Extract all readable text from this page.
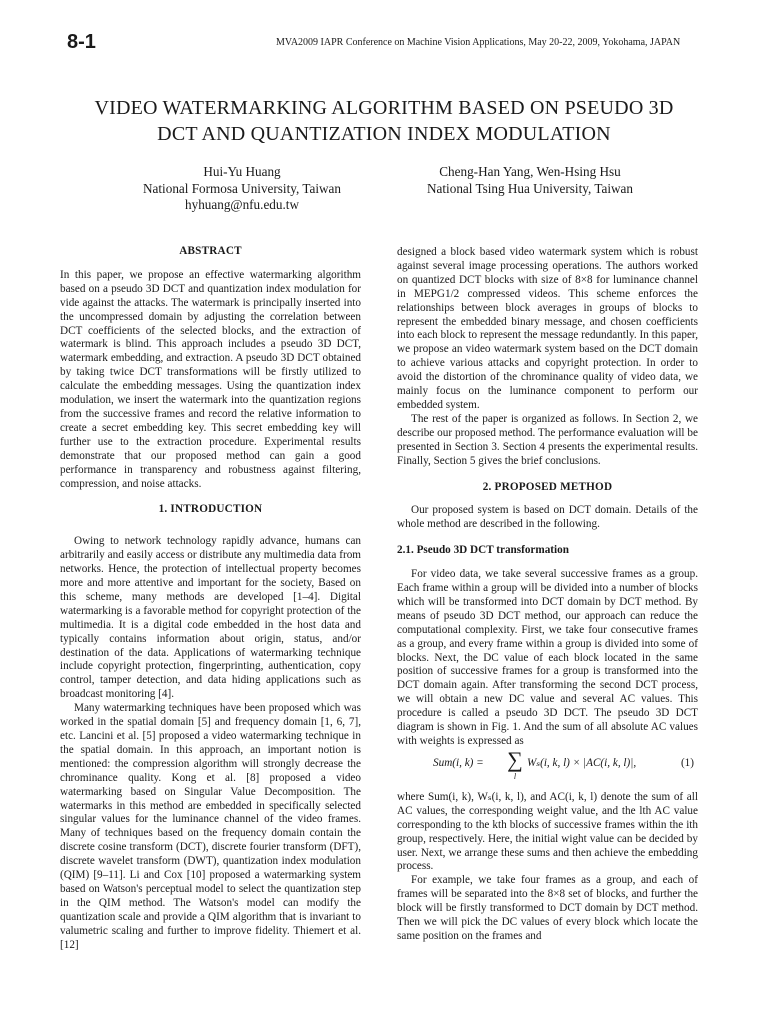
8-1	MVA2009 IAPR Conference on Machine Vision Applications, May 20-22, 2009, Yokohama, JAPAN
VIDEO WATERMARKING ALGORITHM BASED ON PSEUDO 3D
DCT AND QUANTIZATION INDEX MODULATION
Hui-Yu Huang
National Formosa University, Taiwan
hyhuang@nfu.edu.tw
Cheng-Han Yang, Wen-Hsing Hsu
National Tsing Hua University, Taiwan
ABSTRACT

In this paper, we propose an effective watermarking algorithm based on a pseudo 3D DCT and quantization index modulation for vide against the attacks. The watermark is principally inserted into the uncompressed domain by adjusting the correlation between DCT coefficients of the selected blocks, and the extraction of watermark is blind. This approach includes a pseudo 3D DCT, watermark embedding, and extraction. A pseudo 3D DCT obtained by taking twice DCT transformations will be firstly utilized to calculate the embedding messages. Using the quantization index modulation, we insert the watermark into the quantization regions from the successive frames and record the relative information to create a secret embedding key. This secret embedding key will further use to the extraction procedure. Experimental results demonstrate that our proposed method can gain a good performance in transparency and robustness against filtering, compression, and noise attacks.

1. INTRODUCTION

Owing to network technology rapidly advance, humans can arbitrarily and easily access or distribute any multimedia data from networks. Hence, the protection of intellectual property becomes more and more attentive and important for the society, Based on this scheme, many methods are developed [1–4]. Digital watermarking is a favorable method for copyright protection of the multimedia. It is a digital code embedded in the host data and typically contains information about origin, status, and/or destination of the data. Applications of watermarking technique include copyright protection, fingerprinting, authentication, copy control, tamper detection, and data hiding applications such as broadcast monitoring [4].

Many watermarking techniques have been proposed which was worked in the spatial domain [5] and frequency domain [1, 6, 7], etc. Lancini et al. [5] proposed a video watermarking technique in the spatial domain. In this approach, an important notion is mentioned: the compression algorithm will strongly decrease the chrominance quality. Kong et al. [8] proposed a video watermarking based on Singular Value Decomposition. The watermarks in this method are embedded in specifically selected singular values for the luminance channel of the video frames. Many of techniques based on the frequency domain contain the discrete cosine transform (DCT), discrete fourier transform (DFT), discrete wavelet transform (DWT), quantization index modulation (QIM) [9–11]. Li and Cox [10] proposed a watermarking system based on Watson's perceptual model to select the quantization step in the QIM method. The Watson's model can modify the quantization scale and provide a QIM algorithm that is invariant to valumetric scaling and further to improve fidelity. Thiemert et al. [12]

designed a block based video watermark system which is robust against several image processing operations. The authors worked on quantized DCT blocks with size of 8×8 for luminance channel in MEPG1/2 compressed videos. This scheme enforces the relationships between block averages in groups of blocks to represent the embedded binary message, and chosen coefficients into each block to represent the message redundantly. In this paper, we propose an video watermark system based on the DCT domain to achieve various attacks and copyright protection. In order to avoid the distortion of the chrominance quality of video data, we mainly focus on the luminance component to perform our embedded system.

The rest of the paper is organized as follows. In Section 2, we describe our proposed method. The performance evaluation will be presented in Section 3. Section 4 presents the experimental results. Finally, Section 5 gives the brief conclusions.

2. PROPOSED METHOD

Our proposed system is based on DCT domain. Details of the whole method are described in the following.

2.1. Pseudo 3D DCT transformation

For video data, we take several successive frames as a group. Each frame within a group will be divided into a number of blocks which will be transformed into DCT domain by DCT method. By means of pseudo 3D DCT method, our approach can reduce the computational complexity. First, we take four consecutive frames as a group, and every frame within a group is divided into some of blocks. Next, the DC value of each block located in the same position of successive frames for a group is transformed into the DCT domain again. After transforming the second DCT process, we will obtain a new DC value and several AC values. This procedure is called a pseudo 3D DCT. The pseudo 3D DCT diagram is shown in Fig. 1. And the sum of all absolute AC values with weights is expressed as

Sum(i, k) = ∑
l
Wₛ(i, k, l) × |AC(i, k, l)|,	(1)

where Sum(i, k), Wₛ(i, k, l), and AC(i, k, l) denote the sum of all AC values, the corresponding weight value, and the lth AC value corresponding to the kth blocks of successive frames within the ith group, respectively. Here, the initial wight value can be decided by user. Next, we arrange these sums and then achieve the embedding process.

For example, we take four frames as a group, and each of frames will be separated into the 8×8 set of blocks, and further the block will be firstly transformed to DCT domain by DCT method. Then we will pick the DC values of every block which locate the same position on the frames and
